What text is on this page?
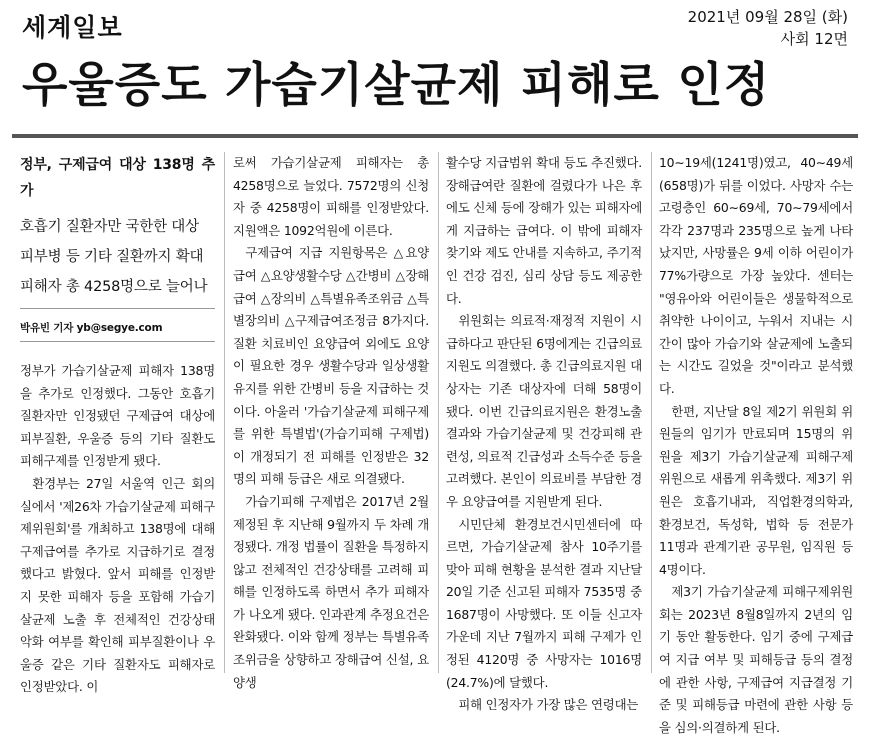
세계일보	2021년 09월 28일 (화)
사회 12면
우울증도 가습기살균제 피해로 인정
정부, 구제급여 대상 138명 추가
호흡기 질환자만 국한한 대상
피부병 등 기타 질환까지 확대
피해자 총 4258명으로 늘어나
박유빈 기자 yb@segye.com

정부가 가습기살균제 피해자 138명을 추가로 인정했다. 그동안 호흡기 질환자만 인정됐던 구제급여 대상에 피부질환, 우울증 등의 기타 질환도 피해구제를 인정받게 됐다.

환경부는 27일 서울역 인근 회의실에서 '제26차 가습기살균제 피해구제위원회'를 개최하고 138명에 대해 구제급여를 추가로 지급하기로 결정했다고 밝혔다. 앞서 피해를 인정받지 못한 피해자 등을 포함해 가습기살균제 노출 후 전체적인 건강상태 악화 여부를 확인해 피부질환이나 우울증 같은 기타 질환자도 피해자로 인정받았다. 이

로써 가습기살균제 피해자는 총 4258명으로 늘었다. 7572명의 신청자 중 4258명이 피해를 인정받았다. 지원액은 1092억원에 이른다.

구제급여 지급 지원항목은 △요양급여 △요양생활수당 △간병비 △장해급여 △장의비 △특별유족조위금 △특별장의비 △구제급여조정금 8가지다. 질환 치료비인 요양급여 외에도 요양이 필요한 경우 생활수당과 일상생활 유지를 위한 간병비 등을 지급하는 것이다. 아울러 '가습기살균제 피해구제를 위한 특별법'(가습기피해 구제법)이 개정되기 전 피해를 인정받은 32명의 피해 등급은 새로 의결됐다.

가습기피해 구제법은 2017년 2월 제정된 후 지난해 9월까지 두 차례 개정됐다. 개정 법률이 질환을 특정하지 않고 전체적인 건강상태를 고려해 피해를 인정하도록 하면서 추가 피해자가 나오게 됐다. 인과관계 추정요건은 완화됐다. 이와 함께 정부는 특별유족조위금을 상향하고 장해급여 신설, 요양생

활수당 지급범위 확대 등도 추진했다. 장해급여란 질환에 걸렸다가 나은 후에도 신체 등에 장해가 있는 피해자에게 지급하는 급여다. 이 밖에 피해자 찾기와 제도 안내를 지속하고, 주기적인 건강 검진, 심리 상담 등도 제공한다.

위원회는 의료적·재정적 지원이 시급하다고 판단된 6명에게는 긴급의료지원도 의결했다. 총 긴급의료지원 대상자는 기존 대상자에 더해 58명이 됐다. 이번 긴급의료지원은 환경노출 결과와 가습기살균제 및 건강피해 관련성, 의료적 긴급성과 소득수준 등을 고려했다. 본인이 의료비를 부담한 경우 요양급여를 지원받게 된다.

시민단체 환경보건시민센터에 따르면, 가습기살균제 참사 10주기를 맞아 피해 현황을 분석한 결과 지난달 20일 기준 신고된 피해자 7535명 중 1687명이 사망했다. 또 이들 신고자 가운데 지난 7월까지 피해 구제가 인정된 4120명 중 사망자는 1016명(24.7%)에 달했다.

피해 인정자가 가장 많은 연령대는

10∼19세(1241명)였고, 40∼49세(658명)가 뒤를 이었다. 사망자 수는 고령층인 60∼69세, 70∼79세에서 각각 237명과 235명으로 높게 나타났지만, 사망률은 9세 이하 어린이가 77%가량으로 가장 높았다. 센터는 "영유아와 어린이들은 생물학적으로 취약한 나이이고, 누워서 지내는 시간이 많아 가습기와 살균제에 노출되는 시간도 길었을 것"이라고 분석했다.

한편, 지난달 8일 제2기 위원회 위원들의 임기가 만료되며 15명의 위원을 제3기 가습기살균제 피해구제위원으로 새롭게 위촉했다. 제3기 위원은 호흡기내과, 직업환경의학과, 환경보건, 독성학, 법학 등 전문가 11명과 관계기관 공무원, 임직원 등 4명이다.

제3기 가습기살균제 피해구제위원회는 2023년 8월8일까지 2년의 임기 동안 활동한다. 임기 중에 구제급여 지급 여부 및 피해등급 등의 결정에 관한 사항, 구제급여 지급결정 기준 및 피해등급 마련에 관한 사항 등을 심의·의결하게 된다.
